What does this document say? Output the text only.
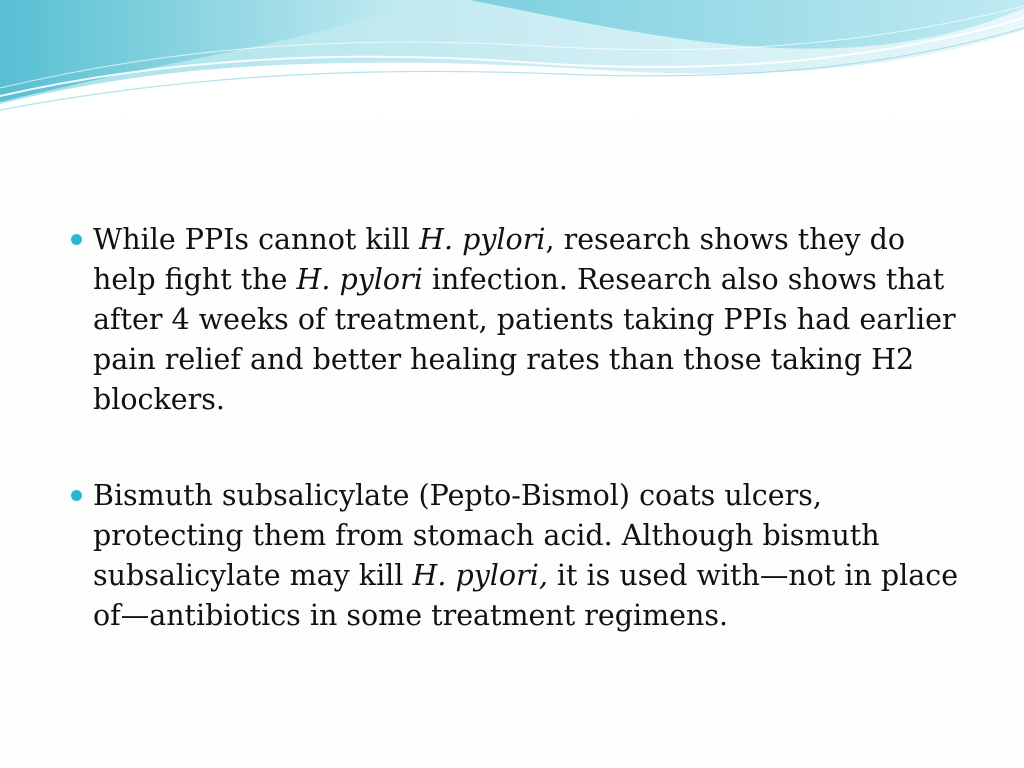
While PPIs cannot kill H. pylori, research shows they do help fight the H. pylori infection. Research also shows that after 4 weeks of treatment, patients taking PPIs had earlier pain relief and better healing rates than those taking H2 blockers.
Bismuth subsalicylate (Pepto-Bismol) coats ulcers, protecting them from stomach acid. Although bismuth subsalicylate may kill H. pylori, it is used with—not in place of—antibiotics in some treatment regimens.
